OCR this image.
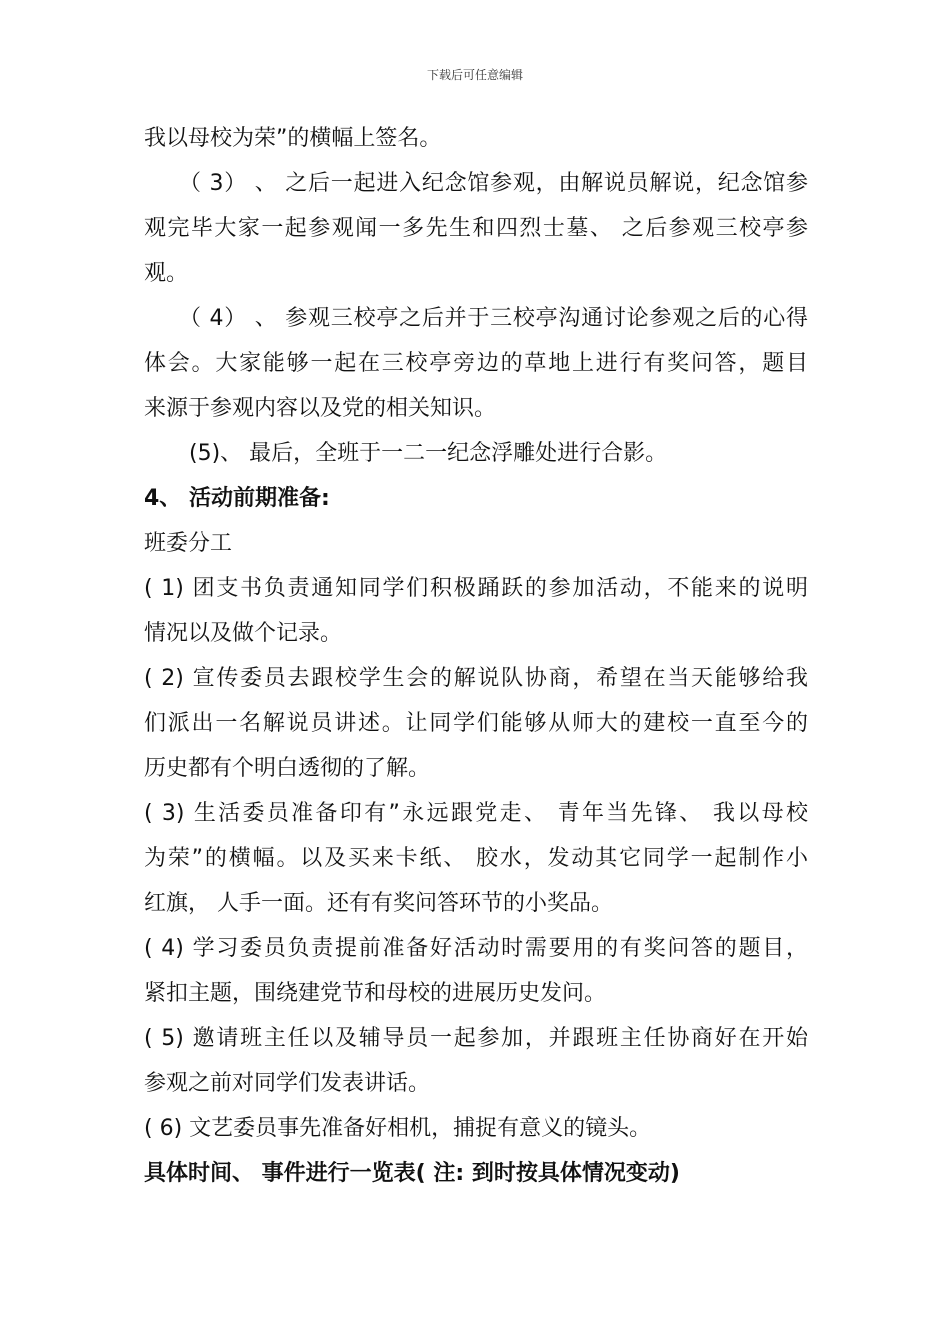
下载后可任意编辑
我以母校为荣”的横幅上签名。
（ 3） 、 之后一起进入纪念馆参观，由解说员解说，纪念馆参
观完毕大家一起参观闻一多先生和四烈士墓、 之后参观三校亭参
观。
（ 4） 、 参观三校亭之后并于三校亭沟通讨论参观之后的心得
体会。大家能够一起在三校亭旁边的草地上进行有奖问答，题目
来源于参观内容以及党的相关知识。
(5)、 最后，全班于一二一纪念浮雕处进行合影。
4、 活动前期准备:
班委分工
( 1) 团支书负责通知同学们积极踊跃的参加活动，不能来的说明
情况以及做个记录。
( 2) 宣传委员去跟校学生会的解说队协商，希望在当天能够给我
们派出一名解说员讲述。让同学们能够从师大的建校一直至今的
历史都有个明白透彻的了解。
( 3) 生活委员准备印有”永远跟党走、 青年当先锋、 我以母校
为荣”的横幅。以及买来卡纸、 胶水，发动其它同学一起制作小
红旗， 人手一面。还有有奖问答环节的小奖品。
( 4) 学习委员负责提前准备好活动时需要用的有奖问答的题目，
紧扣主题，围绕建党节和母校的进展历史发问。
( 5) 邀请班主任以及辅导员一起参加，并跟班主任协商好在开始
参观之前对同学们发表讲话。
( 6) 文艺委员事先准备好相机，捕捉有意义的镜头。
具体时间、 事件进行一览表( 注: 到时按具体情况变动)
